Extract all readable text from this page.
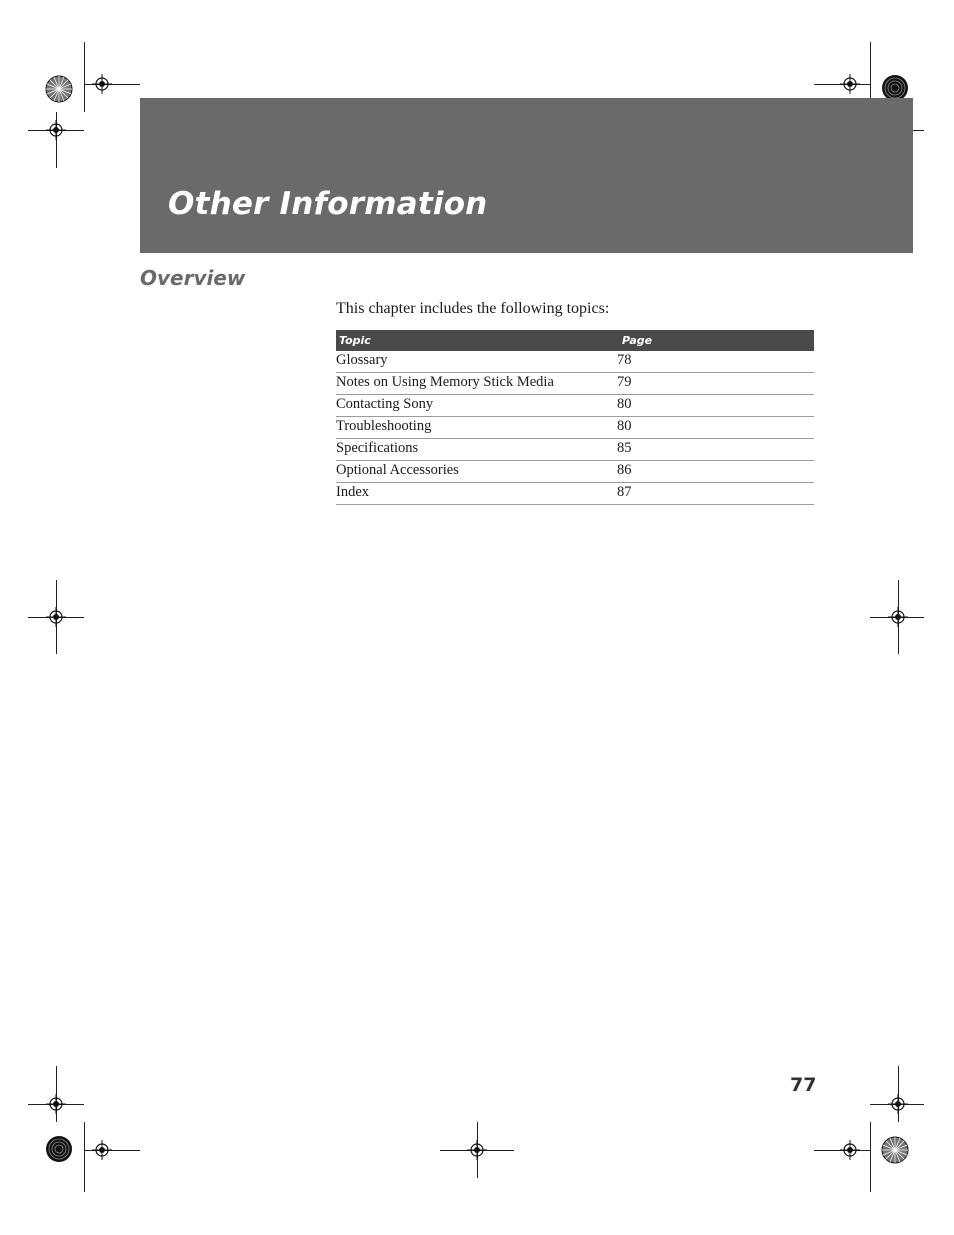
Other Information
Overview

This chapter includes the following topics:

Topic	Page
Glossary	78
Notes on Using Memory Stick Media	79
Contacting Sony	80
Troubleshooting	80
Specifications	85
Optional Accessories	86
Index	87

77
